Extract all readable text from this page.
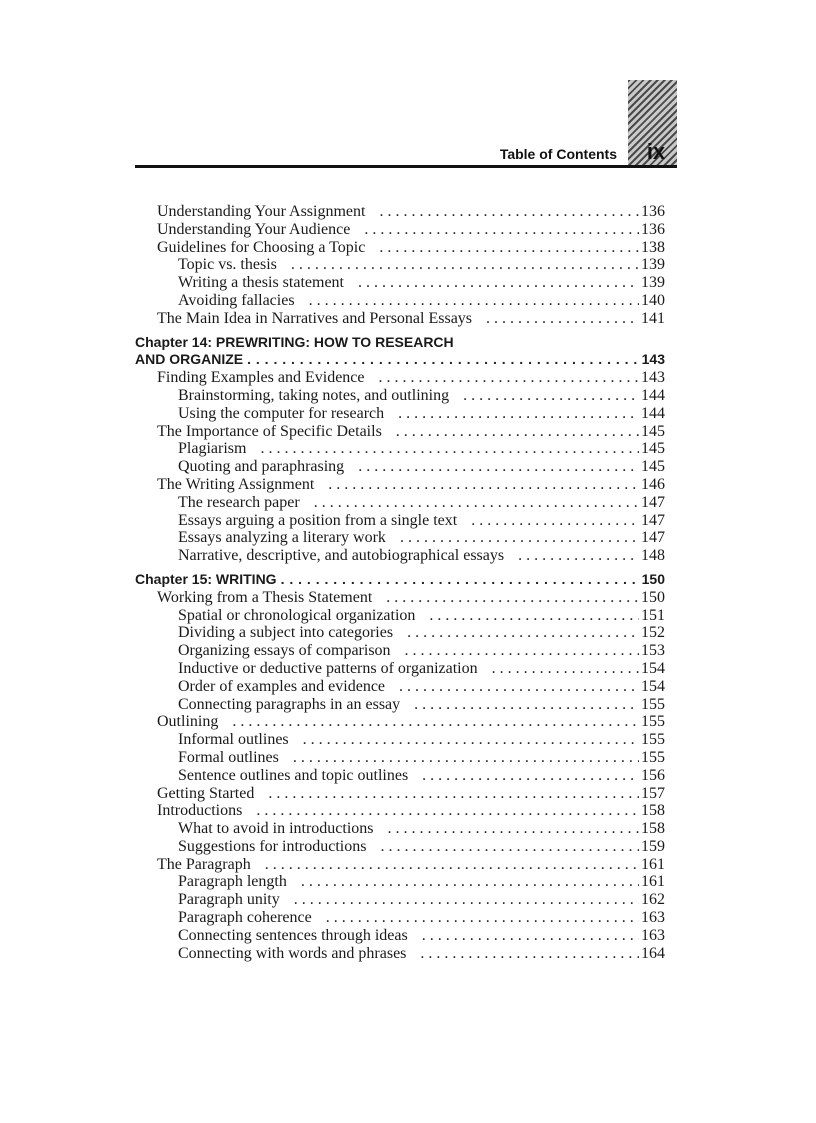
Table of Contents	ix
Understanding Your Assignment . . .	136
Understanding Your Audience . . .	136
Guidelines for Choosing a Topic . . .	138
Topic vs. thesis . . .	139
Writing a thesis statement . . .	139
Avoiding fallacies . . .	140
The Main Idea in Narratives and Personal Essays . . .	141
Chapter 14: PREWRITING: HOW TO RESEARCH
AND ORGANIZE . . .	143
Finding Examples and Evidence . . .	143
Brainstorming, taking notes, and outlining . . .	144
Using the computer for research . . .	144
The Importance of Specific Details . . .	145
Plagiarism . . .	145
Quoting and paraphrasing . . .	145
The Writing Assignment . . .	146
The research paper . . .	147
Essays arguing a position from a single text . . .	147
Essays analyzing a literary work . . .	147
Narrative, descriptive, and autobiographical essays . . .	148
Chapter 15: WRITING . . .	150
Working from a Thesis Statement . . .	150
Spatial or chronological organization . . .	151
Dividing a subject into categories . . .	152
Organizing essays of comparison . . .	153
Inductive or deductive patterns of organization . . .	154
Order of examples and evidence . . .	154
Connecting paragraphs in an essay . . .	155
Outlining . . .	155
Informal outlines . . .	155
Formal outlines . . .	155
Sentence outlines and topic outlines . . .	156
Getting Started . . .	157
Introductions . . .	158
What to avoid in introductions . . .	158
Suggestions for introductions . . .	159
The Paragraph . . .	161
Paragraph length . . .	161
Paragraph unity . . .	162
Paragraph coherence . . .	163
Connecting sentences through ideas . . .	163
Connecting with words and phrases . . .	164
